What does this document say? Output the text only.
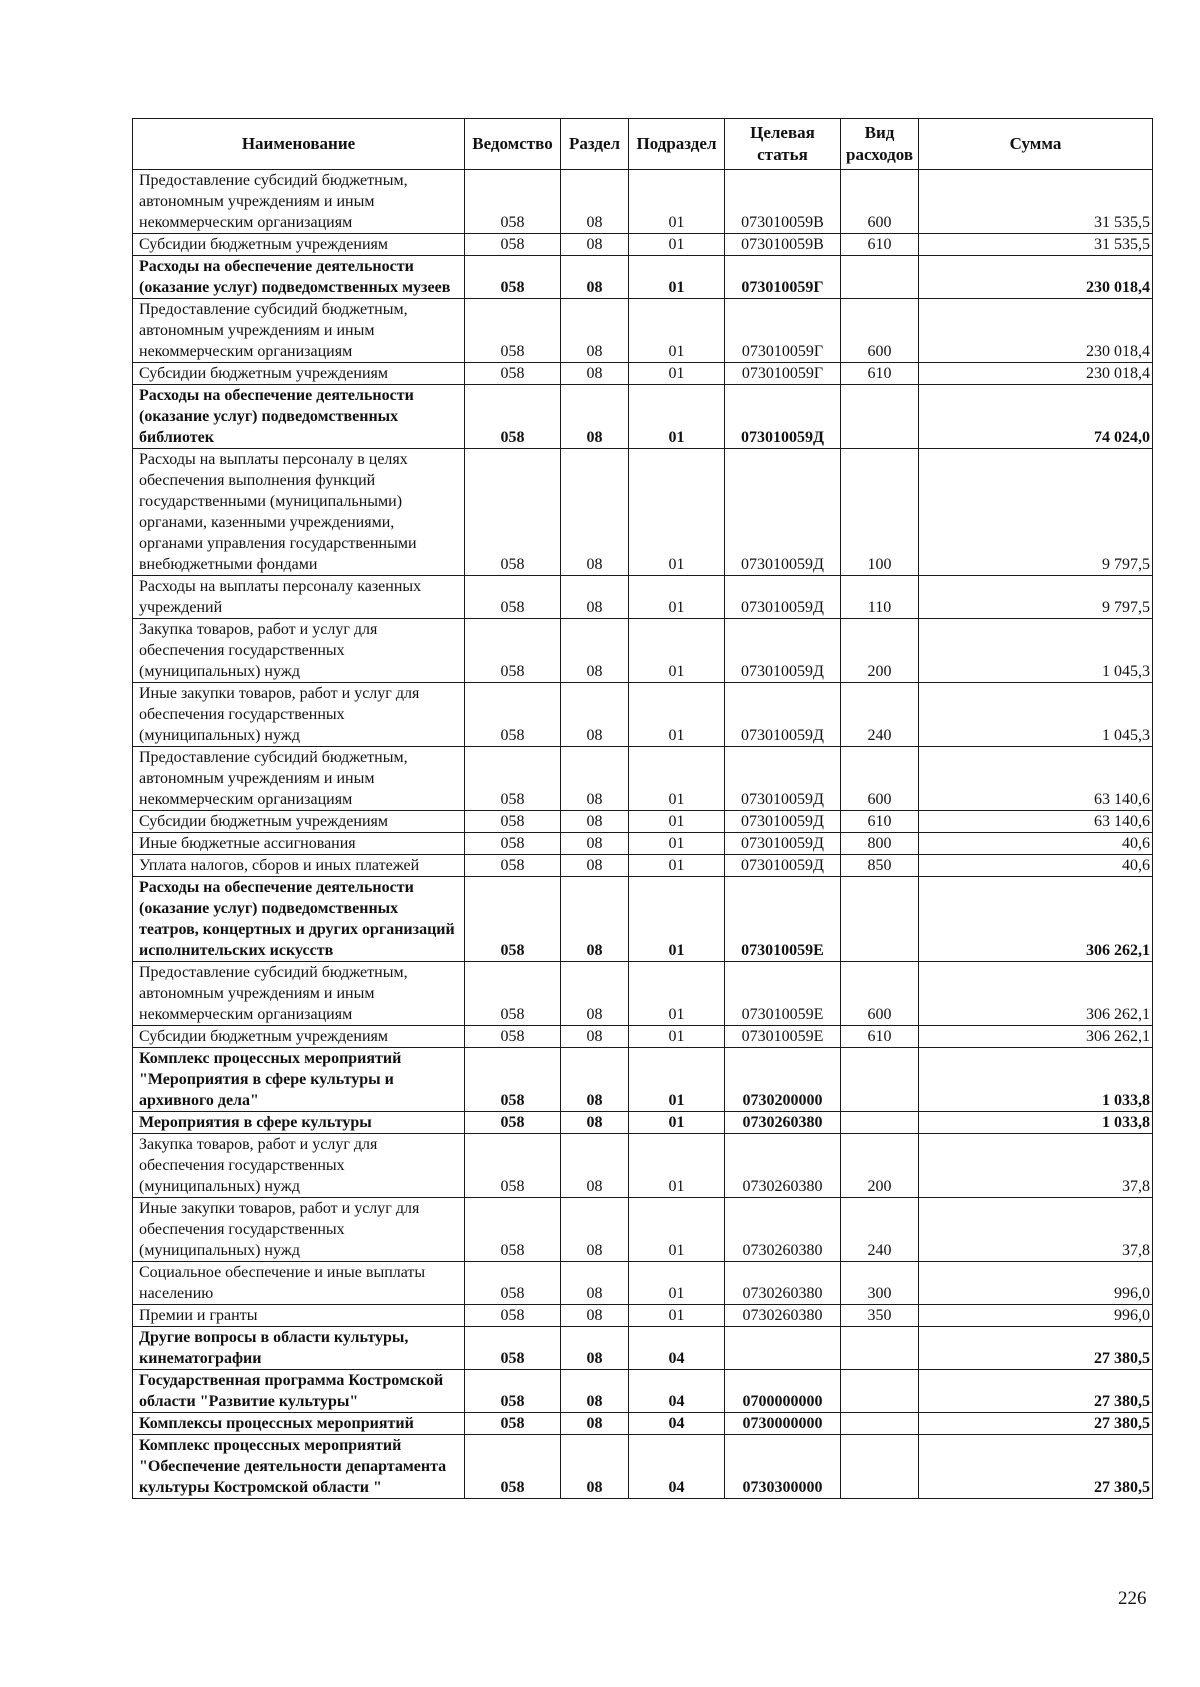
Наименование	Ведомство	Раздел	Подраздел	Целевая статья	Вид расходов	Сумма
Предоставление субсидий бюджетным, автономным учреждениям и иным некоммерческим организациям	058	08	01	073010059В	600	31 535,5
Субсидии бюджетным учреждениям	058	08	01	073010059В	610	31 535,5
Расходы на обеспечение деятельности (оказание услуг) подведомственных музеев	058	08	01	073010059Г		230 018,4
Предоставление субсидий бюджетным, автономным учреждениям и иным некоммерческим организациям	058	08	01	073010059Г	600	230 018,4
Субсидии бюджетным учреждениям	058	08	01	073010059Г	610	230 018,4
Расходы на обеспечение деятельности (оказание услуг) подведомственных библиотек	058	08	01	073010059Д		74 024,0
Расходы на выплаты персоналу в целях обеспечения выполнения функций государственными (муниципальными) органами, казенными учреждениями, органами управления государственными внебюджетными фондами	058	08	01	073010059Д	100	9 797,5
Расходы на выплаты персоналу казенных учреждений	058	08	01	073010059Д	110	9 797,5
Закупка товаров, работ и услуг для обеспечения государственных (муниципальных) нужд	058	08	01	073010059Д	200	1 045,3
Иные закупки товаров, работ и услуг для обеспечения государственных (муниципальных) нужд	058	08	01	073010059Д	240	1 045,3
Предоставление субсидий бюджетным, автономным учреждениям и иным некоммерческим организациям	058	08	01	073010059Д	600	63 140,6
Субсидии бюджетным учреждениям	058	08	01	073010059Д	610	63 140,6
Иные бюджетные ассигнования	058	08	01	073010059Д	800	40,6
Уплата налогов, сборов и иных платежей	058	08	01	073010059Д	850	40,6
Расходы на обеспечение деятельности (оказание услуг) подведомственных театров, концертных и других организаций исполнительских искусств	058	08	01	073010059Е		306 262,1
Предоставление субсидий бюджетным, автономным учреждениям и иным некоммерческим организациям	058	08	01	073010059Е	600	306 262,1
Субсидии бюджетным учреждениям	058	08	01	073010059Е	610	306 262,1
Комплекс процессных мероприятий "Мероприятия в сфере культуры и архивного дела"	058	08	01	0730200000		1 033,8
Мероприятия в сфере культуры	058	08	01	0730260380		1 033,8
Закупка товаров, работ и услуг для обеспечения государственных (муниципальных) нужд	058	08	01	0730260380	200	37,8
Иные закупки товаров, работ и услуг для обеспечения государственных (муниципальных) нужд	058	08	01	0730260380	240	37,8
Социальное обеспечение и иные выплаты населению	058	08	01	0730260380	300	996,0
Премии и гранты	058	08	01	0730260380	350	996,0
Другие вопросы в области культуры, кинематографии	058	08	04			27 380,5
Государственная программа Костромской области "Развитие культуры"	058	08	04	0700000000		27 380,5
Комплексы процессных мероприятий	058	08	04	0730000000		27 380,5
Комплекс процессных мероприятий "Обеспечение деятельности департамента культуры Костромской области "	058	08	04	0730300000		27 380,5
226
